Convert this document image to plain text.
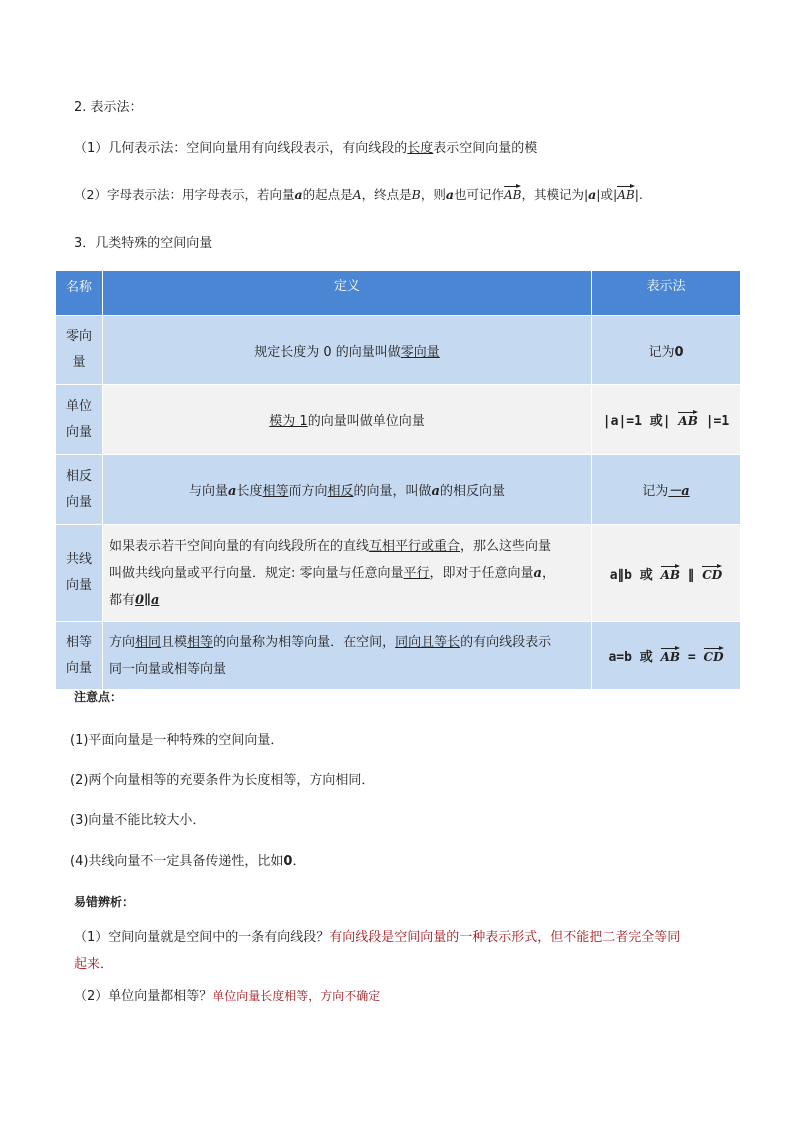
2. 表示法：
（1）几何表示法：空间向量用有向线段表示，有向线段的长度表示空间向量的模
（2）字母表示法：用字母表示，若向量a的起点是A，终点是B，则a也可记作AB，其模记为|a|或|AB|.
3．几类特殊的空间向量
名称	定义	表示法
零向量	规定长度为 0 的向量叫做零向量	记为0
单位向量	模为 1的向量叫做单位向量	|a|=1 或| AB |=1
相反向量	与向量a长度相等而方向相反的向量，叫做a的相反向量	记为－a
共线向量	如果表示若干空间向量的有向线段所在的直线互相平行或重合，那么这些向量
叫做共线向量或平行向量．规定: 零向量与任意向量平行，即对于任意向量a，
都有0∥a	a∥b 或 AB ∥ CD
相等向量	方向相同且模相等的向量称为相等向量．在空间，同向且等长的有向线段表示
同一向量或相等向量	a=b 或 AB = CD
注意点：
(1)平面向量是一种特殊的空间向量．
(2)两个向量相等的充要条件为长度相等，方向相同．
(3)向量不能比较大小．
(4)共线向量不一定具备传递性，比如0．
易错辨析：
（1）空间向量就是空间中的一条有向线段？有向线段是空间向量的一种表示形式，但不能把二者完全等同
起来．
（2）单位向量都相等？单位向量长度相等，方向不确定
